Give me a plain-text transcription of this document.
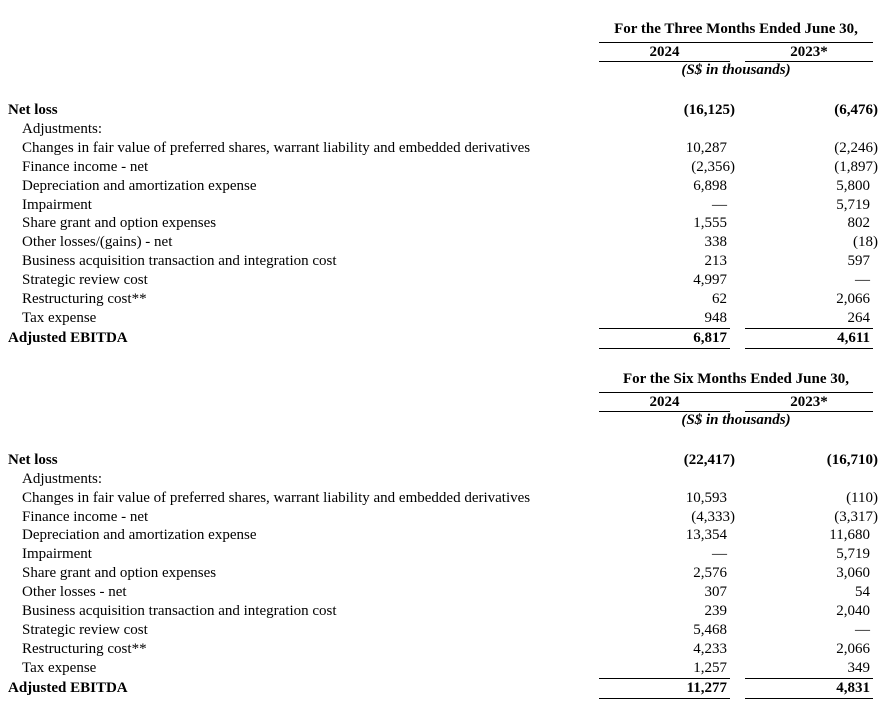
For the Three Months Ended June 30,
2024	2023*
(S$ in thousands)
Net loss	(16,125)	(6,476)
Adjustments:
Changes in fair value of preferred shares, warrant liability and embedded derivatives	10,287	(2,246)
Finance income - net	(2,356)	(1,897)
Depreciation and amortization expense	6,898	5,800
Impairment	—	5,719
Share grant and option expenses	1,555	802
Other losses/(gains) - net	338	(18)
Business acquisition transaction and integration cost	213	597
Strategic review cost	4,997	—
Restructuring cost**	62	2,066
Tax expense	948	264
Adjusted EBITDA	6,817	4,611
For the Six Months Ended June 30,
2024	2023*
(S$ in thousands)
Net loss	(22,417)	(16,710)
Adjustments:
Changes in fair value of preferred shares, warrant liability and embedded derivatives	10,593	(110)
Finance income - net	(4,333)	(3,317)
Depreciation and amortization expense	13,354	11,680
Impairment	—	5,719
Share grant and option expenses	2,576	3,060
Other losses - net	307	54
Business acquisition transaction and integration cost	239	2,040
Strategic review cost	5,468	—
Restructuring cost**	4,233	2,066
Tax expense	1,257	349
Adjusted EBITDA	11,277	4,831
